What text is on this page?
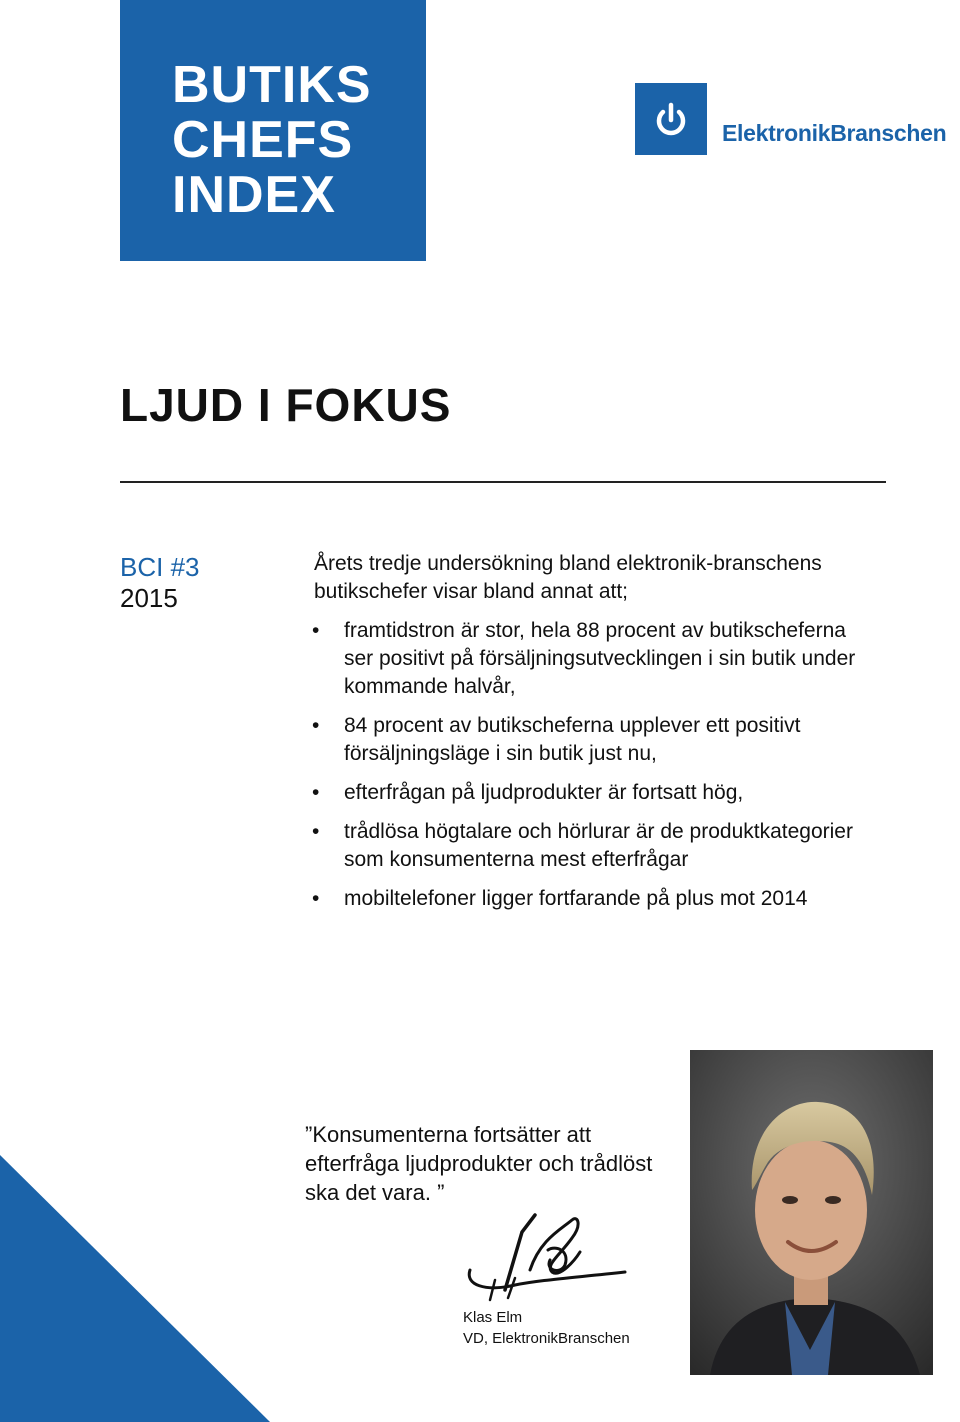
BUTIKS
CHEFS
INDEX
ElektronikBranschen
LJUD I FOKUS
BCI #3
2015

Årets tredje undersökning bland elektronik-branschens butikschefer visar bland annat att;

• framtidstron är stor, hela 88 procent av butikscheferna ser positivt på försäljningsutvecklingen i sin butik under kommande halvår,
• 84 procent av butikscheferna upplever ett positivt försäljningsläge i sin butik just nu,
• efterfrågan på ljudprodukter är fortsatt hög,
• trådlösa högtalare och hörlurar är de produktkategorier som konsumenterna mest efterfrågar
• mobiltelefoner ligger fortfarande på plus mot 2014

”Konsumenterna fortsätter att efterfråga ljudprodukter och trådlöst ska det vara. ”

Klas Elm
VD, ElektronikBranschen
